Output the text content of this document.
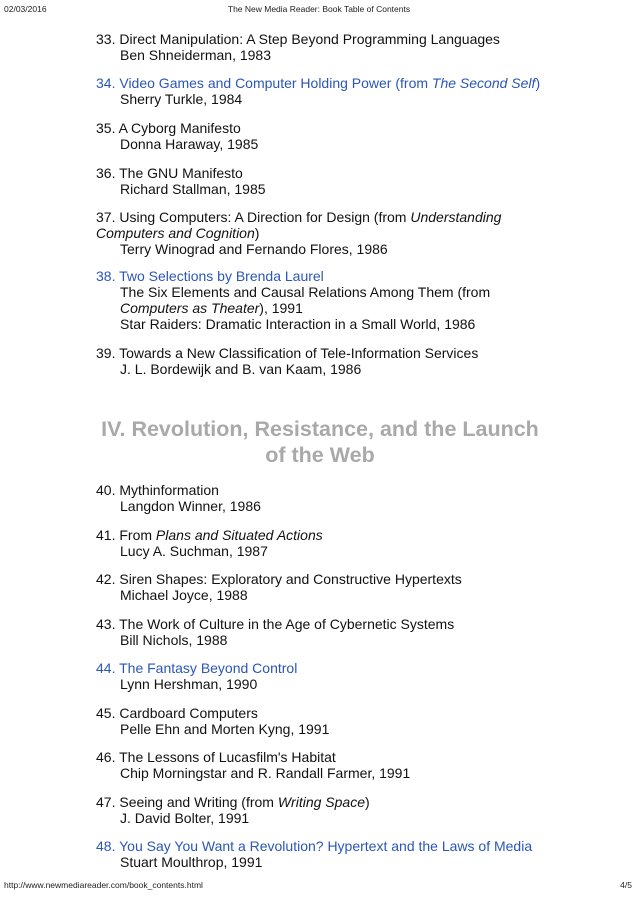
02/03/2016	The New Media Reader: Book Table of Contents
http://www.newmediareader.com/book_contents.html	4/5
33. Direct Manipulation: A Step Beyond Programming Languages
Ben Shneiderman, 1983
34. Video Games and Computer Holding Power (from The Second Self)
Sherry Turkle, 1984
35. A Cyborg Manifesto
Donna Haraway, 1985
36. The GNU Manifesto
Richard Stallman, 1985
37. Using Computers: A Direction for Design (from Understanding
Computers and Cognition)
Terry Winograd and Fernando Flores, 1986
38. Two Selections by Brenda Laurel
The Six Elements and Causal Relations Among Them (from
Computers as Theater), 1991
Star Raiders: Dramatic Interaction in a Small World, 1986
39. Towards a New Classification of Tele-Information Services
J. L. Bordewijk and B. van Kaam, 1986
IV. Revolution, Resistance, and the Launch of the Web
40. Mythinformation
Langdon Winner, 1986
41. From Plans and Situated Actions
Lucy A. Suchman, 1987
42. Siren Shapes: Exploratory and Constructive Hypertexts
Michael Joyce, 1988
43. The Work of Culture in the Age of Cybernetic Systems
Bill Nichols, 1988
44. The Fantasy Beyond Control
Lynn Hershman, 1990
45. Cardboard Computers
Pelle Ehn and Morten Kyng, 1991
46. The Lessons of Lucasfilm's Habitat
Chip Morningstar and R. Randall Farmer, 1991
47. Seeing and Writing (from Writing Space)
J. David Bolter, 1991
48. You Say You Want a Revolution? Hypertext and the Laws of Media
Stuart Moulthrop, 1991
